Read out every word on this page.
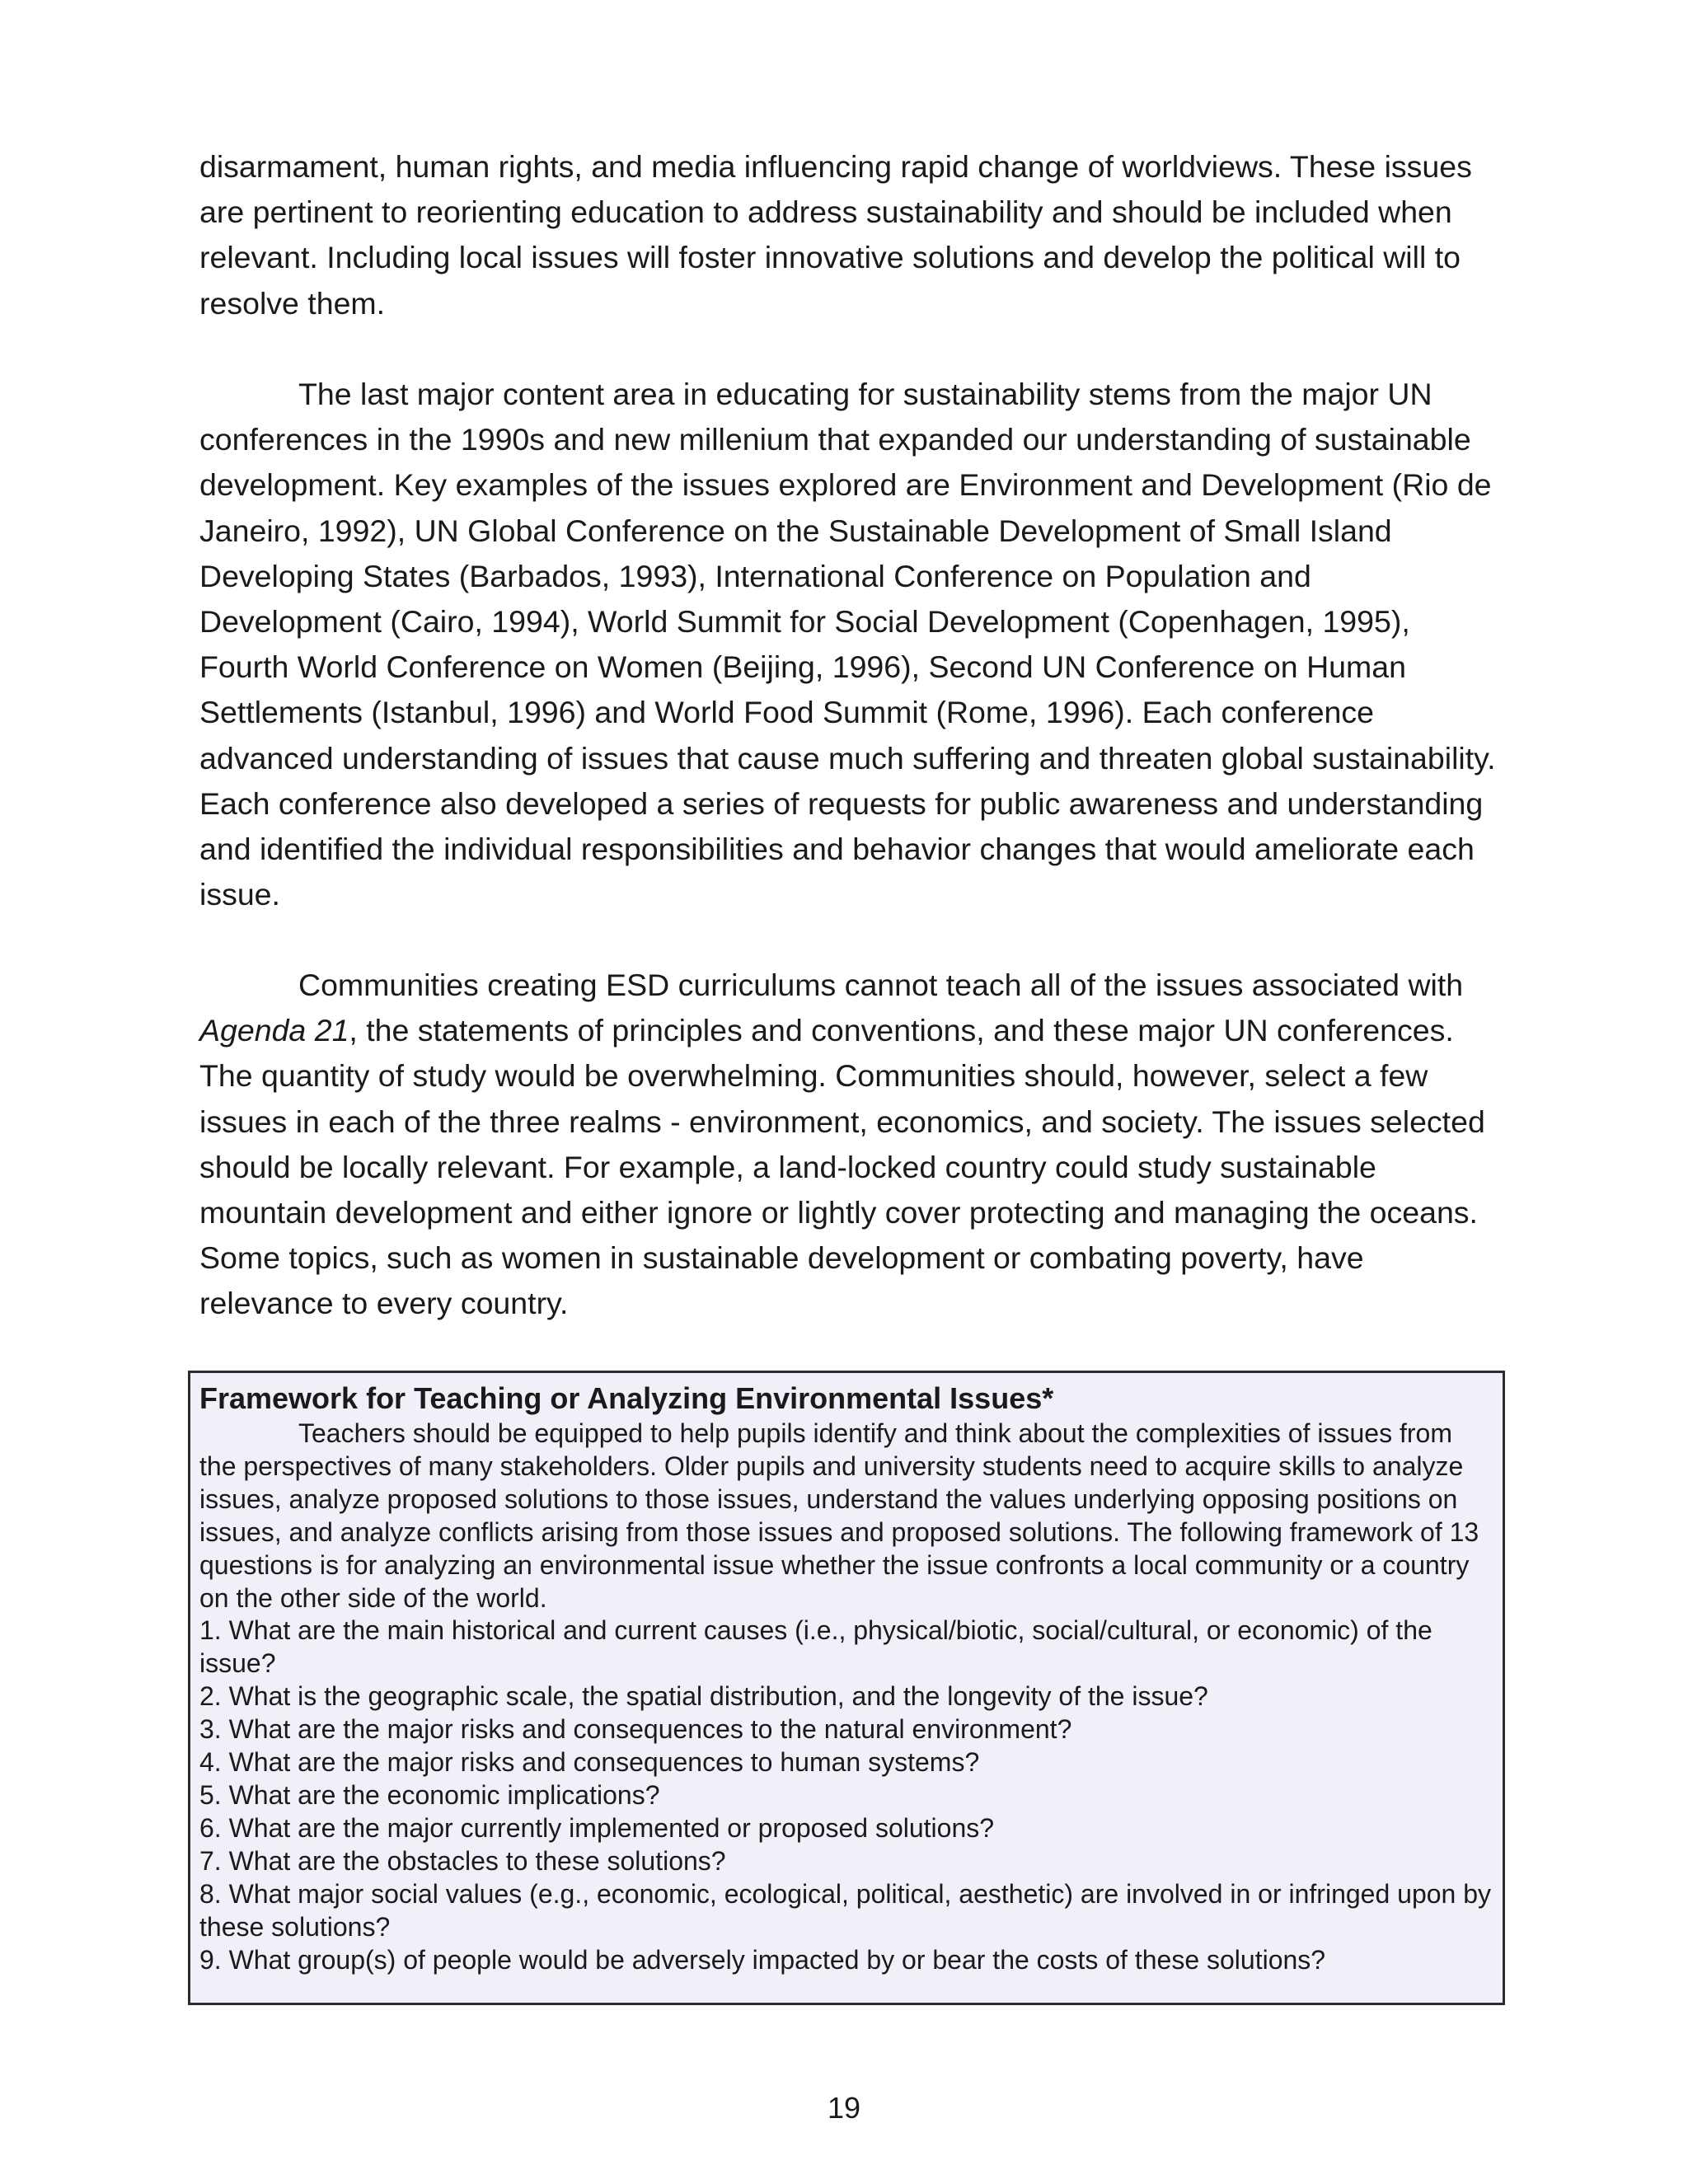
disarmament, human rights, and media influencing rapid change of worldviews. These issues are pertinent to reorienting education to address sustainability and should be included when relevant. Including local issues will foster innovative solutions and develop the political will to resolve them.

The last major content area in educating for sustainability stems from the major UN conferences in the 1990s and new millenium that expanded our understanding of sustainable development. Key examples of the issues explored are Environment and Development (Rio de Janeiro, 1992), UN Global Conference on the Sustainable Development of Small Island Developing States (Barbados, 1993), International Conference on Population and Development (Cairo, 1994), World Summit for Social Development (Copenhagen, 1995), Fourth World Conference on Women (Beijing, 1996), Second UN Conference on Human Settlements (Istanbul, 1996) and World Food Summit (Rome, 1996). Each conference advanced understanding of issues that cause much suffering and threaten global sustainability. Each conference also developed a series of requests for public awareness and understanding and identified the individual responsibilities and behavior changes that would ameliorate each issue.

Communities creating ESD curriculums cannot teach all of the issues associated with Agenda 21, the statements of principles and conventions, and these major UN conferences. The quantity of study would be overwhelming. Communities should, however, select a few issues in each of the three realms - environment, economics, and society. The issues selected should be locally relevant. For example, a land-locked country could study sustainable mountain development and either ignore or lightly cover protecting and managing the oceans. Some topics, such as women in sustainable development or combating poverty, have relevance to every country.

Framework for Teaching or Analyzing Environmental Issues*

Teachers should be equipped to help pupils identify and think about the complexities of issues from the perspectives of many stakeholders. Older pupils and university students need to acquire skills to analyze issues, analyze proposed solutions to those issues, understand the values underlying opposing positions on issues, and analyze conflicts arising from those issues and proposed solutions. The following framework of 13 questions is for analyzing an environmental issue whether the issue confronts a local community or a country on the other side of the world.

1. What are the main historical and current causes (i.e., physical/biotic, social/cultural, or economic) of the issue?
2. What is the geographic scale, the spatial distribution, and the longevity of the issue?
3. What are the major risks and consequences to the natural environment?
4. What are the major risks and consequences to human systems?
5. What are the economic implications?
6. What are the major currently implemented or proposed solutions?
7. What are the obstacles to these solutions?
8. What major social values (e.g., economic, ecological, political, aesthetic) are involved in or infringed upon by these solutions?
9. What group(s) of people would be adversely impacted by or bear the costs of these solutions?
19
